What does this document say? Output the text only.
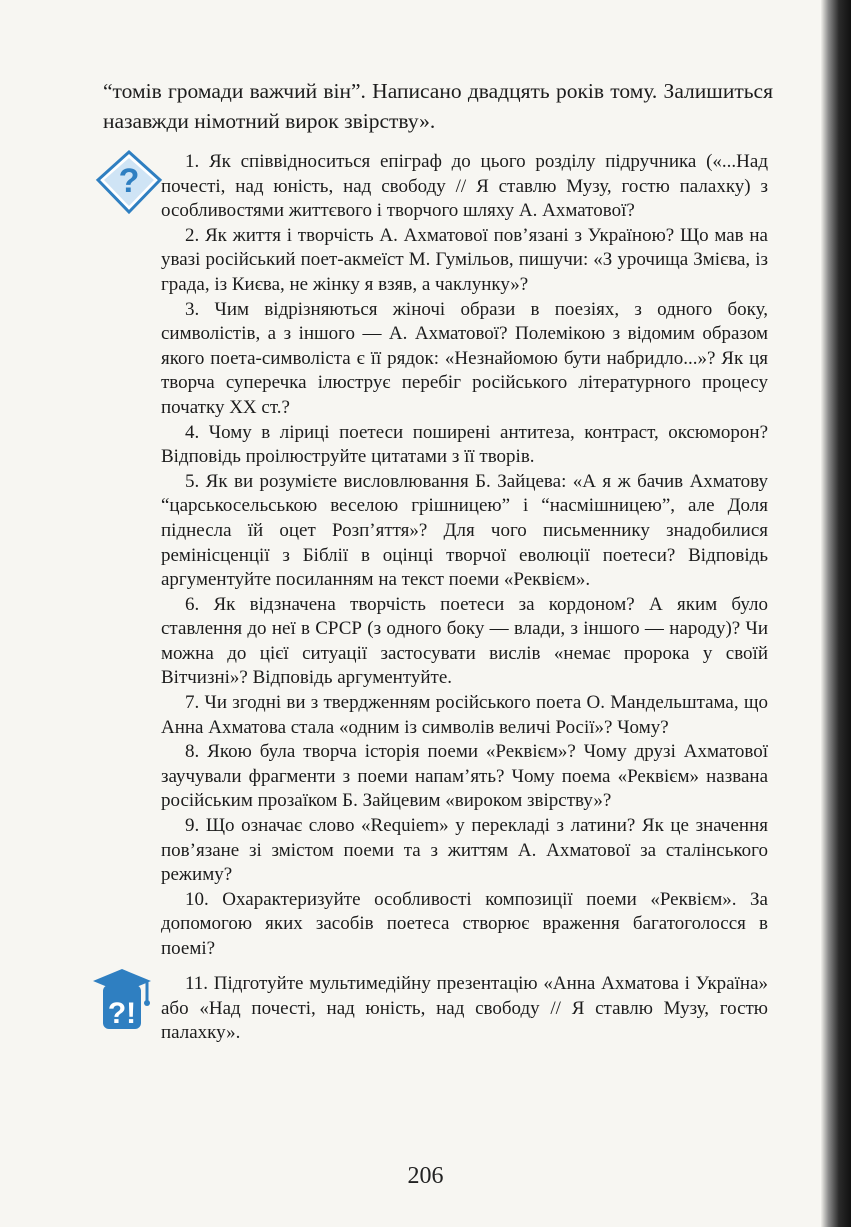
“томів громади важчий він”. Написано двадцять років тому. Залишиться назавжди німотний вирок звірству».

?

1. Як співвідноситься епіграф до цього розділу підручника («...Над почесті, над юність, над свободу // Я ставлю Музу, гостю палахку) з особливостями життєвого і творчого шляху А. Ахматової?

2. Як життя і творчість А. Ахматової пов’язані з Україною? Що мав на увазі російський поет-акмеїст М. Гумільов, пишучи: «З урочища Змієва, із града, із Києва, не жінку я взяв, а чаклунку»?

3. Чим відрізняються жіночі образи в поезіях, з одного боку, символістів, а з іншого — А. Ахматової? Полемікою з відомим образом якого поета-символіста є її рядок: «Незнайомою бути набридло...»? Як ця творча суперечка ілюструє перебіг російського літературного процесу початку XX ст.?

4. Чому в ліриці поетеси поширені антитеза, контраст, оксюморон? Відповідь проілюструйте цитатами з її творів.

5. Як ви розумієте висловлювання Б. Зайцева: «А я ж бачив Ахматову “царськосельською веселою грішницею” і “насмішницею”, але Доля піднесла їй оцет Розп’яття»? Для чого письменнику знадобилися ремінісценції з Біблії в оцінці творчої еволюції поетеси? Відповідь аргументуйте посиланням на текст поеми «Реквієм».

6. Як відзначена творчість поетеси за кордоном? А яким було ставлення до неї в СРСР (з одного боку — влади, з іншого — народу)? Чи можна до цієї ситуації застосувати вислів «немає пророка у своїй Вітчизні»? Відповідь аргументуйте.

7. Чи згодні ви з твердженням російського поета О. Мандельштама, що Анна Ахматова стала «одним із символів величі Росії»? Чому?

8. Якою була творча історія поеми «Реквієм»? Чому друзі Ахматової заучували фрагменти з поеми напам’ять? Чому поема «Реквієм» названа російським прозаїком Б. Зайцевим «вироком звірству»?

9. Що означає слово «Requiem» у перекладі з латини? Як це значення пов’язане зі змістом поеми та з життям А. Ахматової за сталінського режиму?

10. Охарактеризуйте особливості композиції поеми «Реквієм». За допомогою яких засобів поетеса створює враження багатоголосся в поемі?

?!

11. Підготуйте мультимедійну презентацію «Анна Ахматова і Україна» або «Над почесті, над юність, над свободу // Я ставлю Музу, гостю палахку».

206
